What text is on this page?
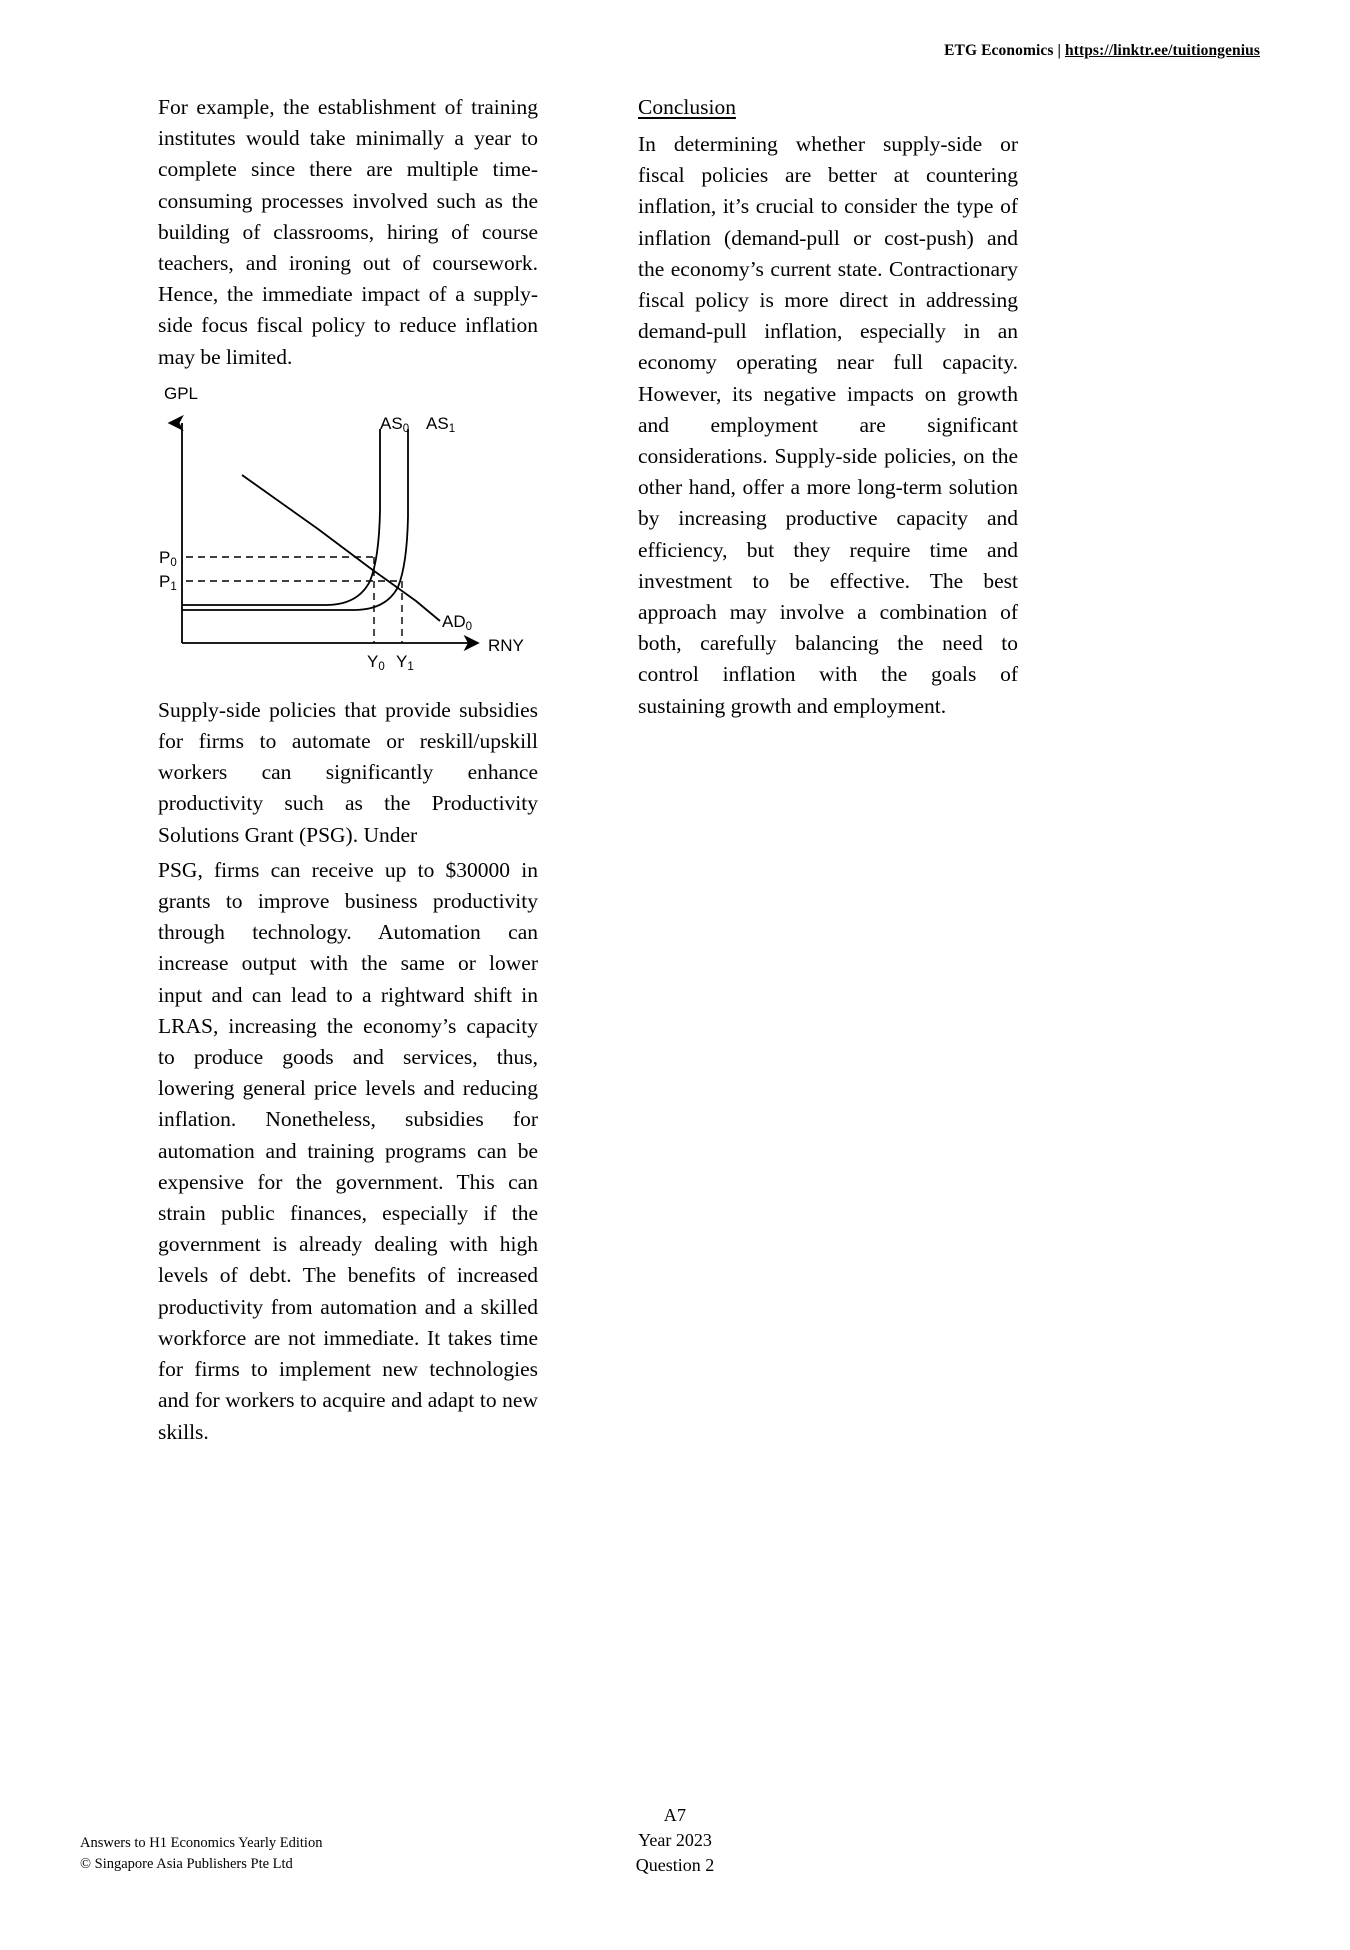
ETG Economics | https://linktr.ee/tuitiongenius

For example, the establishment of training institutes would take minimally a year to complete since there are multiple time-consuming processes involved such as the building of classrooms, hiring of course teachers, and ironing out of coursework. Hence, the immediate impact of a supply-side focus fiscal policy to reduce inflation may be limited.

GPL
RNY
$AS_0$ $AS_1$
$AD_0$
$P_0$
$P_1$
$Y_0$ $Y_1$

Supply-side policies that provide subsidies for firms to automate or reskill/upskill workers can significantly enhance productivity such as the Productivity Solutions Grant (PSG). Under

PSG, firms can receive up to $30000 in grants to improve business productivity through technology. Automation can increase output with the same or lower input and can lead to a rightward shift in LRAS, increasing the economy’s capacity to produce goods and services, thus, lowering general price levels and reducing inflation. Nonetheless, subsidies for automation and training programs can be expensive for the government. This can strain public finances, especially if the government is already dealing with high levels of debt. The benefits of increased productivity from automation and a skilled workforce are not immediate. It takes time for firms to implement new technologies and for workers to acquire and adapt to new skills.

Conclusion

In determining whether supply-side or fiscal policies are better at countering inflation, it’s crucial to consider the type of inflation (demand-pull or cost-push) and the economy’s current state. Contractionary fiscal policy is more direct in addressing demand-pull inflation, especially in an economy operating near full capacity. However, its negative impacts on growth and employment are significant considerations. Supply-side policies, on the other hand, offer a more long-term solution by increasing productive capacity and efficiency, but they require time and investment to be effective. The best approach may involve a combination of both, carefully balancing the need to control inflation with the goals of sustaining growth and employment.

Answers to H1 Economics Yearly Edition
© Singapore Asia Publishers Pte Ltd
A7
Year 2023
Question 2
